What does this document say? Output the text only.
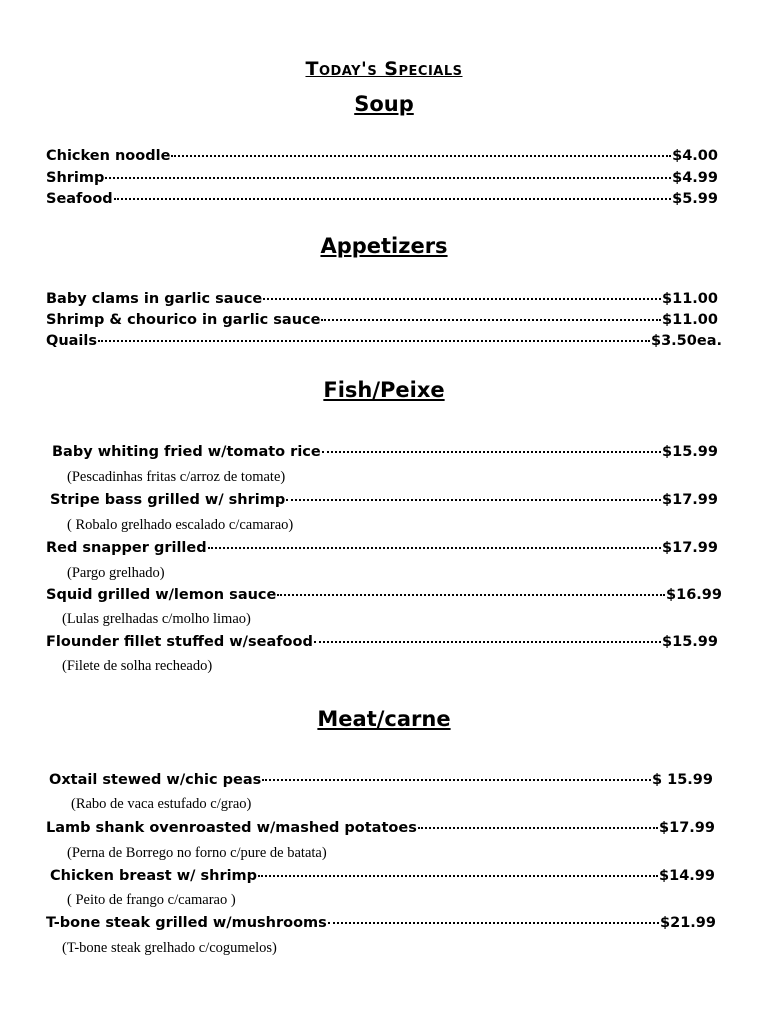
Today's Specials
Soup
Chicken noodle	$4.00
Shrimp	$4.99
Seafood	$5.99
Appetizers
Baby clams in garlic sauce	$11.00
Shrimp & chourico in garlic sauce	$11.00
Quails	$3.50ea.
Fish/Peixe
Baby whiting fried w/tomato rice	$15.99
(Pescadinhas fritas c/arroz de tomate)
Stripe bass grilled w/ shrimp	$17.99
( Robalo grelhado escalado c/camarao)
Red snapper grilled	$17.99
(Pargo grelhado)
Squid grilled w/lemon sauce	$16.99
(Lulas grelhadas c/molho limao)
Flounder fillet stuffed w/seafood	$15.99
(Filete de solha recheado)
Meat/carne
Oxtail stewed w/chic peas	$ 15.99
(Rabo de vaca estufado c/grao)
Lamb shank ovenroasted w/mashed potatoes	$17.99
(Perna de Borrego no forno c/pure de batata)
Chicken breast w/ shrimp	$14.99
( Peito de frango c/camarao )
T-bone steak grilled w/mushrooms	$21.99
(T-bone steak grelhado c/cogumelos)
